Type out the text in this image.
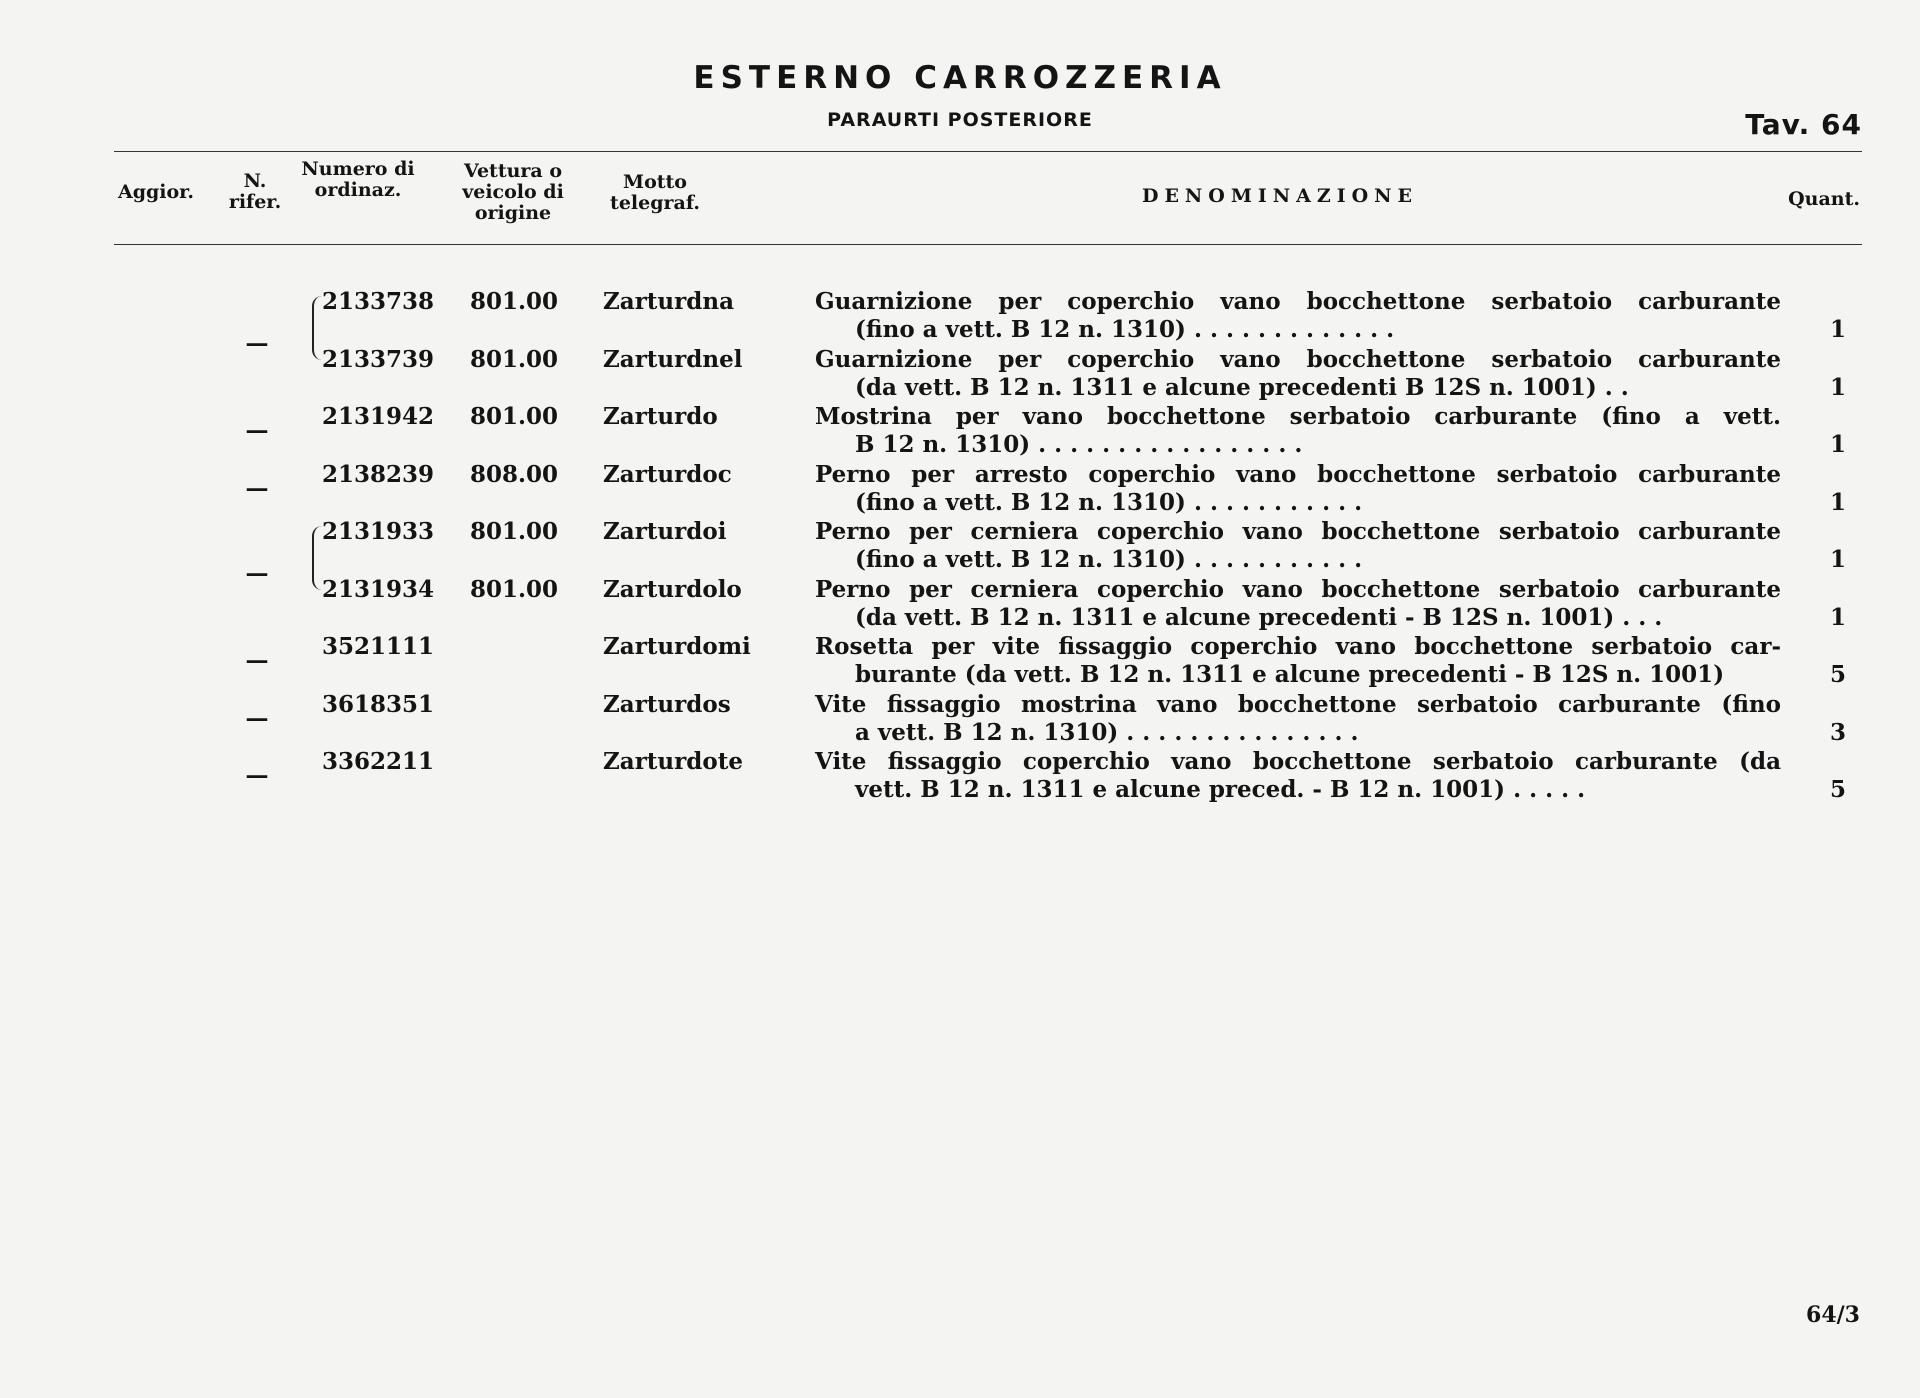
ESTERNO CARROZZERIA
PARAURTI POSTERIORE	Tav. 64
Aggior.	N. rifer.
Numero di ordinaz.
Vettura o veicolo di origine
Motto telegraf.	DENOMINAZIONE	Quant.
—
2133738 801.00	Zarturdna	Guarnizione per coperchio vano bocchettone serbatoio carburante
(fino a vett. B 12 n. 1310) . . . . . . . . . . . . .	1
2133739 801.00	Zarturdnel	Guarnizione per coperchio vano bocchettone serbatoio carburante
(da vett. B 12 n. 1311 e alcune precedenti B 12S n. 1001) . .	1
—
2131942 801.00	Zarturdo	Mostrina per vano bocchettone serbatoio carburante (fino a vett.
B 12 n. 1310) . . . . . . . . . . . . . . . . .	1
—
2138239 808.00	Zarturdoc	Perno per arresto coperchio vano bocchettone serbatoio carburante
(fino a vett. B 12 n. 1310) . . . . . . . . . . .	1
—
2131933 801.00	Zarturdoi	Perno per cerniera coperchio vano bocchettone serbatoio carburante
(fino a vett. B 12 n. 1310) . . . . . . . . . . .	1
2131934 801.00	Zarturdolo	Perno per cerniera coperchio vano bocchettone serbatoio carburante
(da vett. B 12 n. 1311 e alcune precedenti - B 12S n. 1001) . . .	1
—
3521111	Zarturdomi	Rosetta per vite fissaggio coperchio vano bocchettone serbatoio car-
burante (da vett. B 12 n. 1311 e alcune precedenti - B 12S n. 1001)	5
—
3618351	Zarturdos	Vite fissaggio mostrina vano bocchettone serbatoio carburante (fino
a vett. B 12 n. 1310) . . . . . . . . . . . . . . .	3
—
3362211	Zarturdote	Vite fissaggio coperchio vano bocchettone serbatoio carburante (da
vett. B 12 n. 1311 e alcune preced. - B 12 n. 1001) . . . . .	5
64/3
